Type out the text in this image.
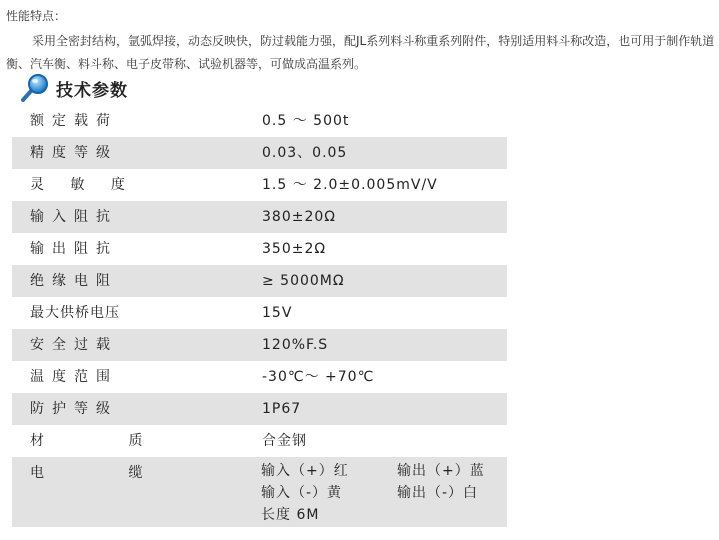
性能特点：
采用全密封结构，氩弧焊接，动态反映快，防过载能力强，配JL系列料斗称重系列附件，特别适用料斗称改造，也可用于制作轨道衡、汽车衡、料斗称、电子皮带称、试验机器等，可做成高温系列。
技术参数
额定载荷	0.5 ～ 500t
精度等级	0.03、0.05
灵 敏 度	1.5 ～ 2.0±0.005mV/V
输入阻抗	380±20Ω
输出阻抗	350±2Ω
绝缘电阻	≥ 5000MΩ
最大供桥电压	15V
安全过载	120%F.S
温度范围	-30℃～ +70℃
防护等级	1P67
材 质	合金钢
电 缆	输入（+）红	输出（+）蓝
输入（-）黄	输出（-）白
长度 6M
